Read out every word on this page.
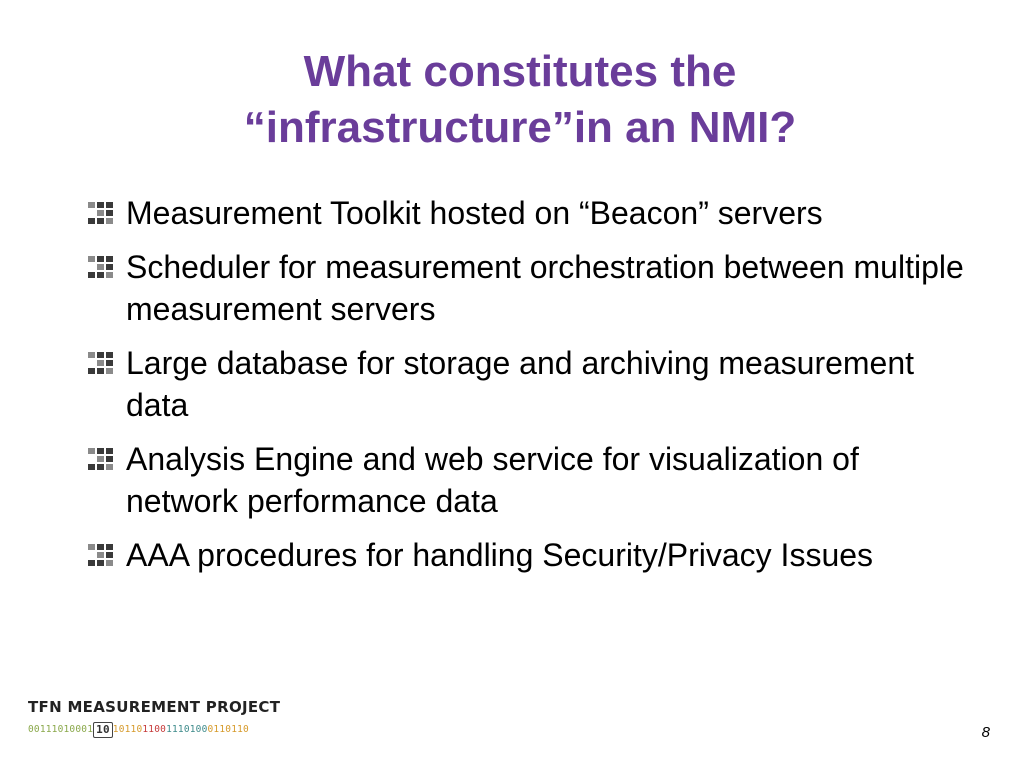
What constitutes the
“infrastructure”in an NMI?
Measurement Toolkit hosted on “Beacon” servers
Scheduler for measurement orchestration between multiple measurement servers
Large database for storage and archiving measurement data
Analysis Engine and web service for visualization of network performance data
AAA procedures for handling Security/Privacy Issues
TFN MEASUREMENT PROJECT
00111010001 10 10110110011101000110110	8
